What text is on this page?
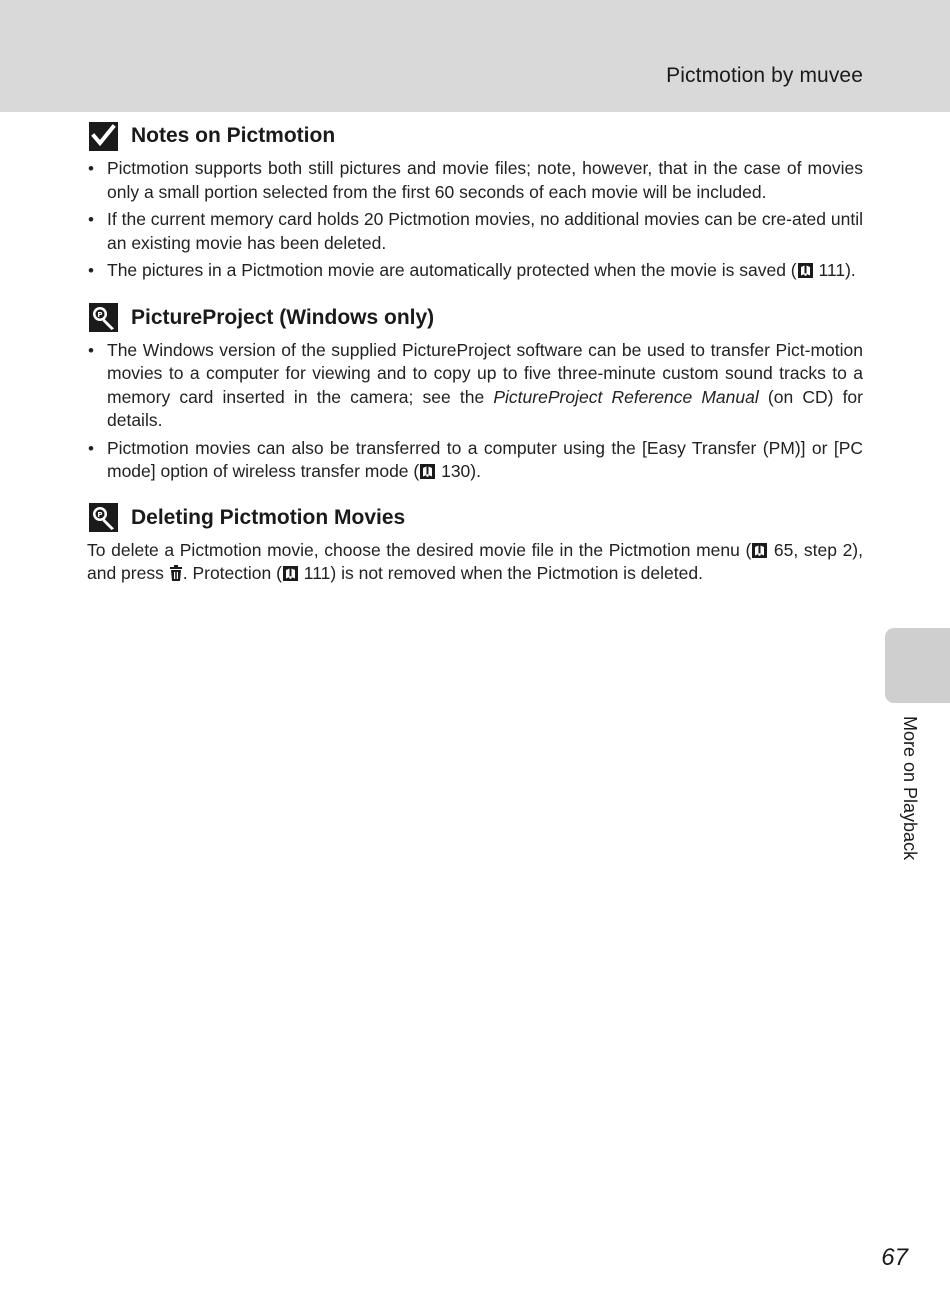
Pictmotion by muvee
Notes on Pictmotion
• Pictmotion supports both still pictures and movie files; note, however, that in the case of movies only a small portion selected from the first 60 seconds of each movie will be included.
• If the current memory card holds 20 Pictmotion movies, no additional movies can be cre-ated until an existing movie has been deleted.
• The pictures in a Pictmotion movie are automatically protected when the movie is saved ( 111).
PictureProject (Windows only)
• The Windows version of the supplied PictureProject software can be used to transfer Pict-motion movies to a computer for viewing and to copy up to five three-minute custom sound tracks to a memory card inserted in the camera; see the PictureProject Reference Manual (on CD) for details.
• Pictmotion movies can also be transferred to a computer using the [Easy Transfer (PM)] or [PC mode] option of wireless transfer mode ( 130).
Deleting Pictmotion Movies
To delete a Pictmotion movie, choose the desired movie file in the Pictmotion menu ( 65, step 2), and press . Protection ( 111) is not removed when the Pictmotion is deleted.
More on Playback
67
